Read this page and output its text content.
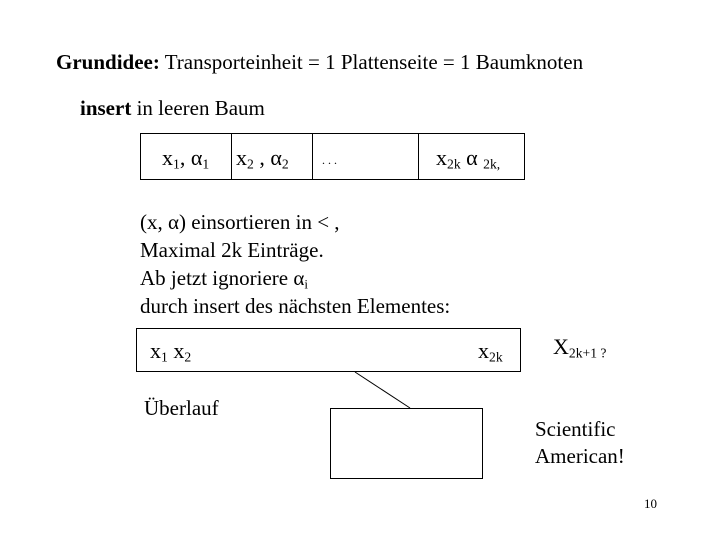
Grundidee: Transporteinheit = 1 Plattenseite = 1 Baumknoten
insert in leeren Baum
$x_1$, $\alpha_1$ $x_2$ , $\alpha_2$	. . .	$x_{2k}$ α $_{2k,}$
(x, α) einsortieren in < ,
Maximal 2k Einträge.
Ab jetzt ignoriere $\alpha_i$
durch insert des nächsten Elementes:
$x_1$ $x_2$	$x_{2k}$ $X_{2k+1 ?}$
Überlauf
Scientific
American!
10
